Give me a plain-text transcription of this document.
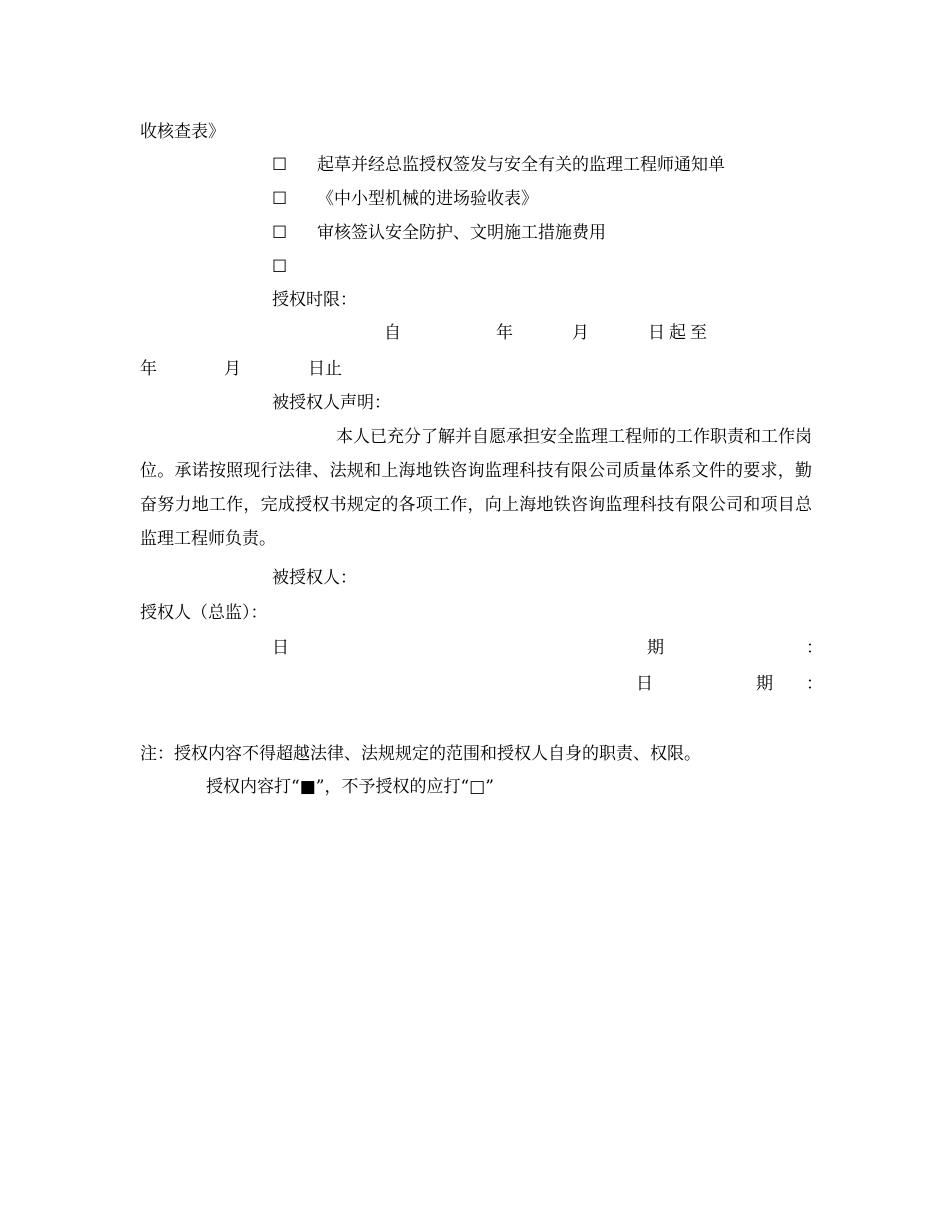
收核查表》
☐ 起草并经总监授权签发与安全有关的监理工程师通知单
☐ 《中小型机械的进场验收表》
☐ 审核签认安全防护、文明施工措施费用
☐
授权时限：
自	年	月	日起至
年	月	日止
被授权人声明：
本人已充分了解并自愿承担安全监理工程师的工作职责和工作岗位。承诺按照现行法律、法规和上海地铁咨询监理科技有限公司质量体系文件的要求，勤奋努力地工作，完成授权书规定的各项工作，向上海地铁咨询监理科技有限公司和项目总监理工程师负责。
被授权人：
授权人（总监）：
日	期	：
日	期 ：
注：授权内容不得超越法律、法规规定的范围和授权人自身的职责、权限。
授权内容打“■”，不予授权的应打“□”
